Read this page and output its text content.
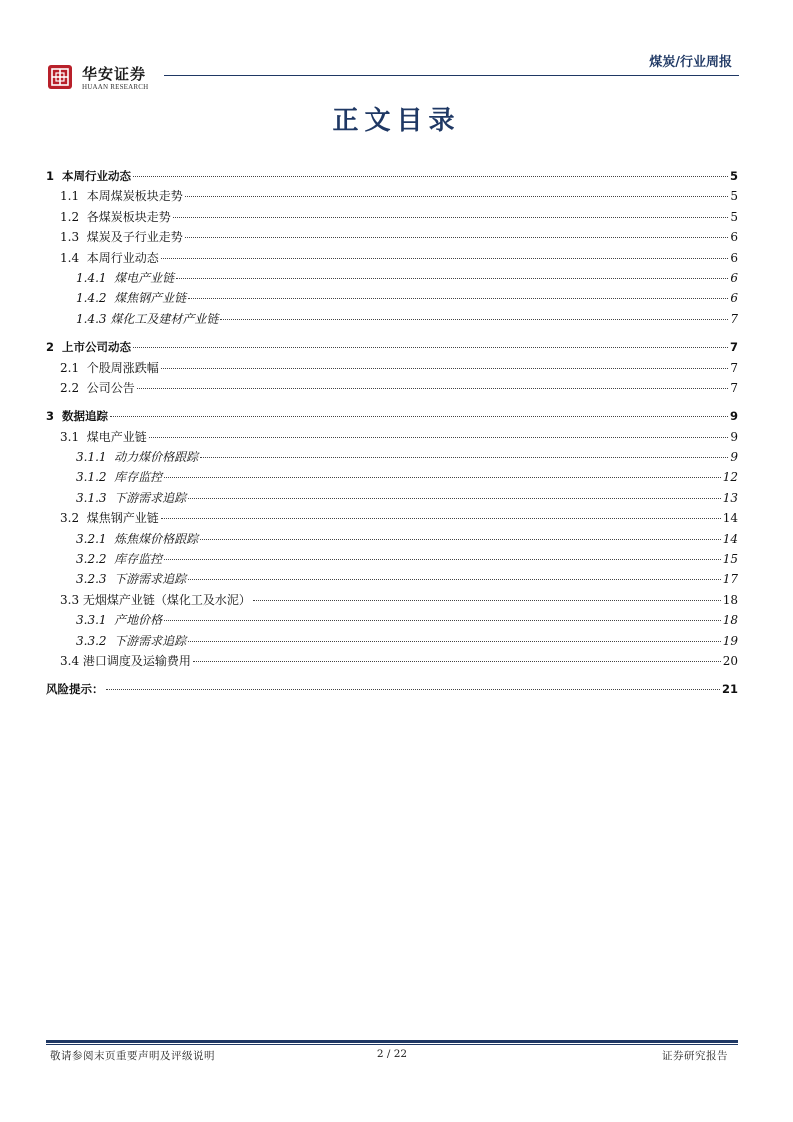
华安证券
HUAAN RESEARCH
煤炭/行业周报
正文目录
1  本周行业动态	5
1.1  本周煤炭板块走势	5
1.2  各煤炭板块走势	5
1.3  煤炭及子行业走势	6
1.4  本周行业动态	6
1.4.1  煤电产业链	6
1.4.2  煤焦钢产业链	6
1.4.3 煤化工及建材产业链	7
2  上市公司动态	7
2.1  个股周涨跌幅	7
2.2  公司公告	7
3  数据追踪	9
3.1  煤电产业链	9
3.1.1  动力煤价格跟踪	9
3.1.2  库存监控	12
3.1.3  下游需求追踪	13
3.2  煤焦钢产业链	14
3.2.1  炼焦煤价格跟踪	14
3.2.2  库存监控	15
3.2.3  下游需求追踪	17
3.3 无烟煤产业链（煤化工及水泥）	18
3.3.1  产地价格	18
3.3.2  下游需求追踪	19
3.4 港口调度及运输费用	20
风险提示：	21
敬请参阅末页重要声明及评级说明	2 / 22	证券研究报告
